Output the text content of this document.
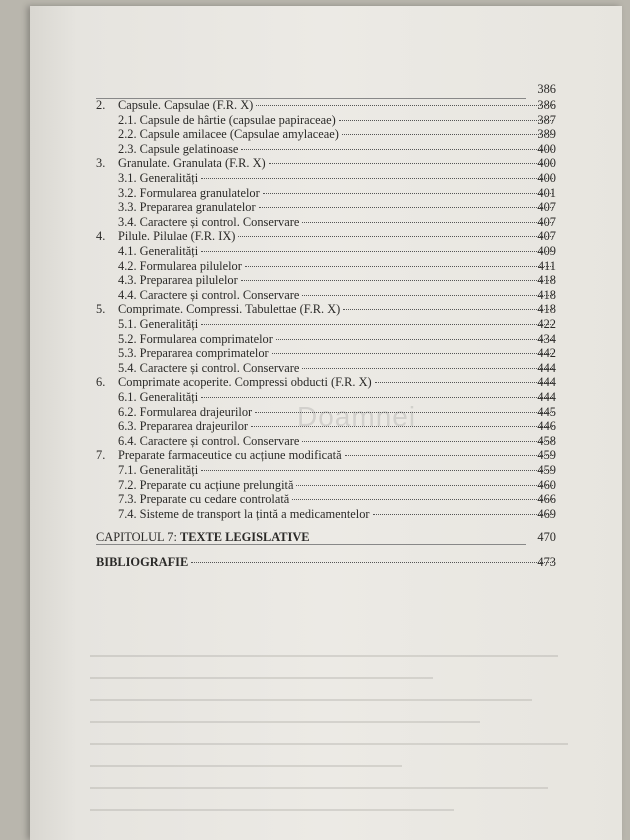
Doamnei
386
2.	Capsule. Capsulae (F.R. X)	386
2.1. Capsule de hârtie (capsulae papiraceae)	387
2.2. Capsule amilacee (Capsulae amylaceae)	389
2.3. Capsule gelatinoase	400
3.	Granulate. Granulata (F.R. X)	400
3.1. Generalități	400
3.2. Formularea granulatelor	401
3.3. Prepararea granulatelor	407
3.4. Caractere și control. Conservare	407
4.	Pilule. Pilulae (F.R. IX)	407
4.1. Generalități	409
4.2. Formularea pilulelor	411
4.3. Prepararea pilulelor	418
4.4. Caractere și control. Conservare	418
5.	Comprimate. Compressi. Tabulettae (F.R. X)	418
5.1. Generalități	422
5.2. Formularea comprimatelor	434
5.3. Prepararea comprimatelor	442
5.4. Caractere și control. Conservare	444
6.	Comprimate acoperite. Compressi obducti (F.R. X)	444
6.1. Generalități	444
6.2. Formularea drajeurilor	445
6.3. Prepararea drajeurilor	446
6.4. Caractere și control. Conservare	458
7.	Preparate farmaceutice cu acțiune modificată	459
7.1. Generalități	459
7.2. Preparate cu acțiune prelungită	460
7.3. Preparate cu cedare controlată	466
7.4. Sisteme de transport la țintă a medicamentelor	469
CAPITOLUL 7: TEXTE LEGISLATIVE	470
BIBLIOGRAFIE	473
